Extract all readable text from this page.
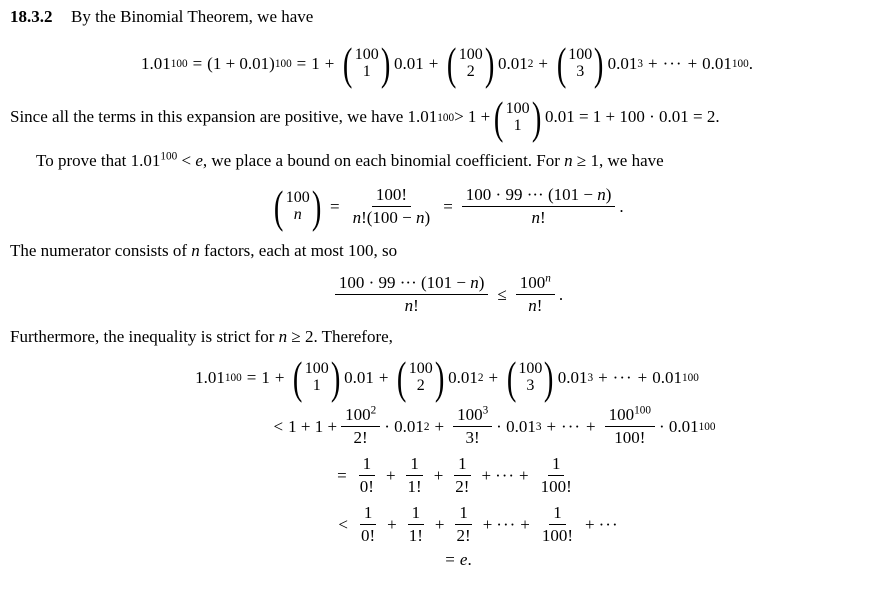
18.3.2 By the Binomial Theorem, we have

1.01 100 = (1 + 0.01) 100 = 1 + ( 100
1 ) 0.01 + ( 100
2 ) 0.01 2 + ( 100
3 ) 0.01 3 + ··· + 0.01 100 .
Since all the terms in this expansion are positive, we have 1.01 100 > 1 + ( 100
1 ) 0.01 = 1 + 100 · 0.01 = 2.
To prove that $1.01^{100} < e$, we place a bound on each binomial coefficient. For n ≥ 1, we have
( 100
n ) = $\frac{100!}{n!(100 - n)} = \frac{100 \cdot 99 \cdot\cdot\cdot (101 - n)}{n!}$ .
The numerator consists of n factors, each at most 100, so
$\frac{100 \cdot 99 \cdot\cdot\cdot (101 - n)}{n!} \le \frac{100^n}{n!}$ .
Furthermore, the inequality is strict for n ≥ 2. Therefore,
1.01 100 = 1 + ( 100
1 ) 0.01 + ( 100
2 ) 0.01 2 + ( 100
3 ) 0.01 3 + ··· + 0.01 100
< $1 + 1 + \frac{100^2}{2!} \cdot 0.01$ $2 + \frac{100^3}{3!} \cdot 0.01$ 3 + ··· + $\frac{100^{100}}{100!} \cdot 0.01$ 100
= $\frac{1}{0!} + \frac{1}{1!} + \frac{1}{2!}$ + ··· + $\frac{1}{100!}$
< $\frac{1}{0!} + \frac{1}{1!} + \frac{1}{2!}$ + ··· + $\frac{1}{100!}$ + ···
= e .
